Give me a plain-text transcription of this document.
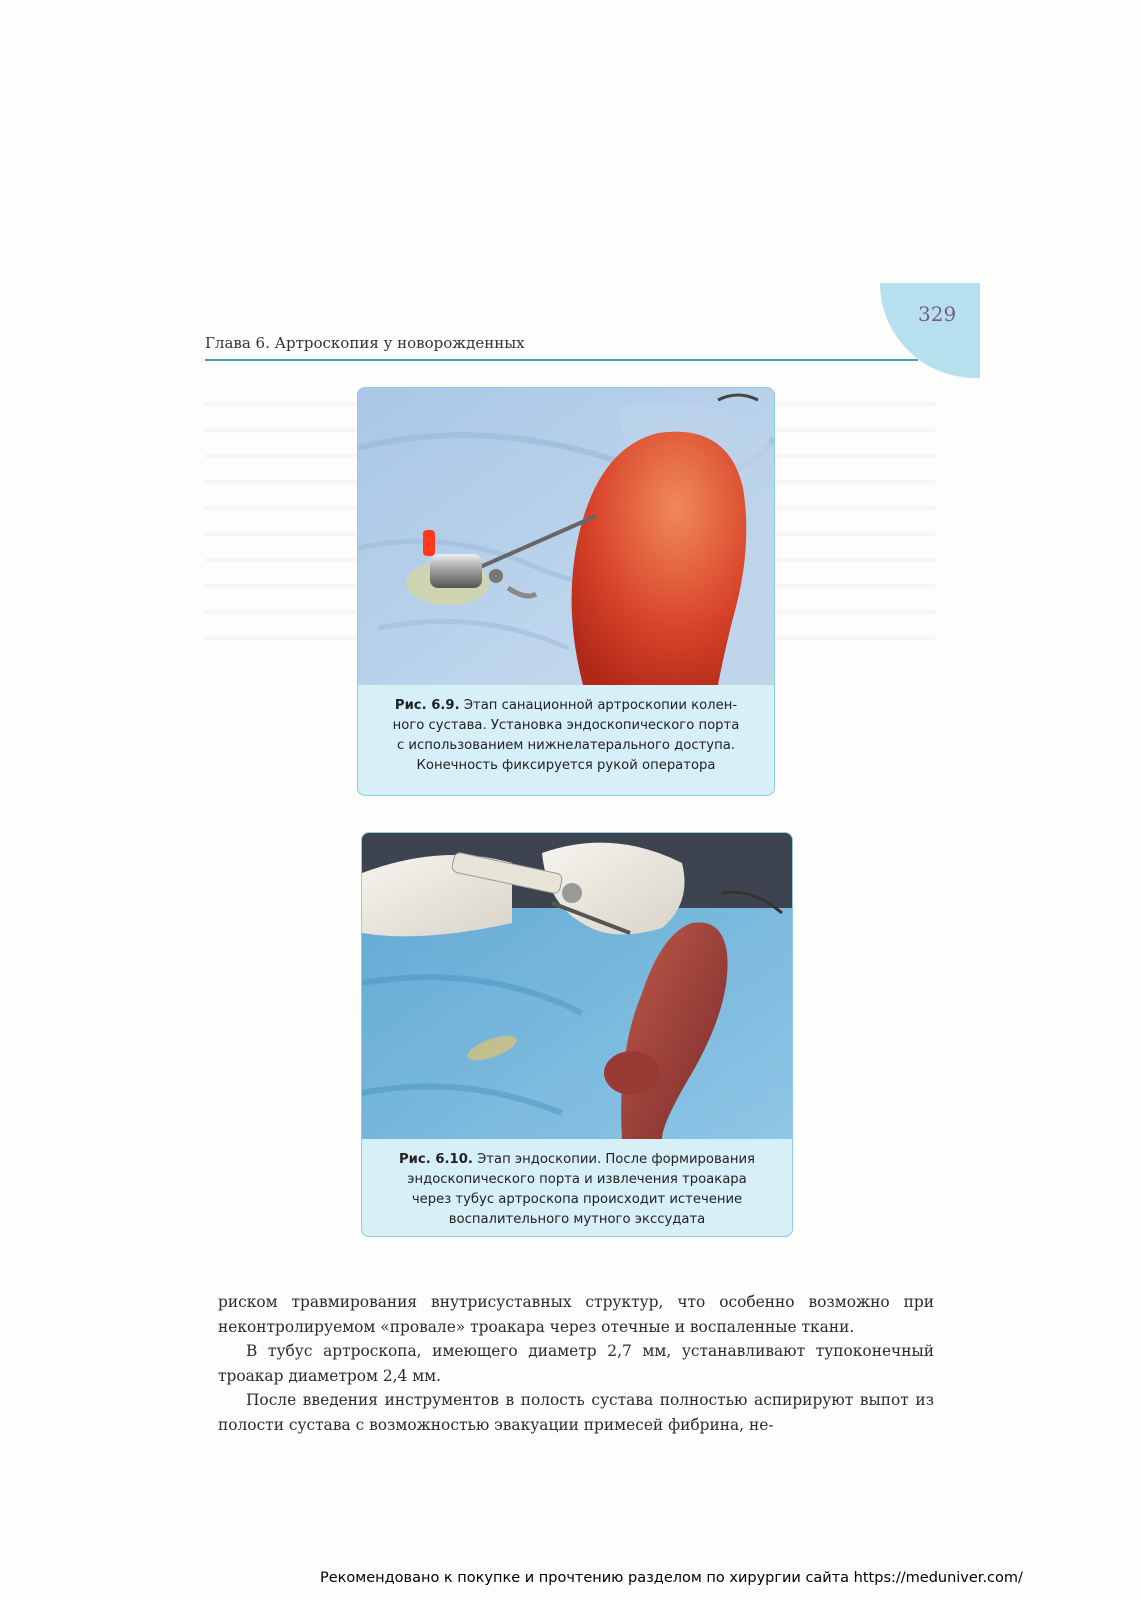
329
Глава 6. Артроскопия у новорожденных
Рис. 6.9. Этап санационной артроскопии колен-
ного сустава. Установка эндоскопического порта
с использованием нижнелатерального доступа.
Конечность фиксируется рукой оператора
Рис. 6.10. Этап эндоскопии. После формирования
эндоскопического порта и извлечения троакара
через тубус артроскопа происходит истечение
воспалительного мутного экссудата

риском травмирования внутрисуставных структур, что особенно возможно при неконтролируемом «провале» троакара через отечные и воспаленные ткани.

В тубус артроскопа, имеющего диаметр 2,7 мм, устанавливают тупоконечный троакар диаметром 2,4 мм.

После введения инструментов в полость сустава полностью аспирируют выпот из полости сустава с возможностью эвакуации примесей фибрина, не-

Рекомендовано к покупке и прочтению разделом по хирургии сайта https://meduniver.com/
